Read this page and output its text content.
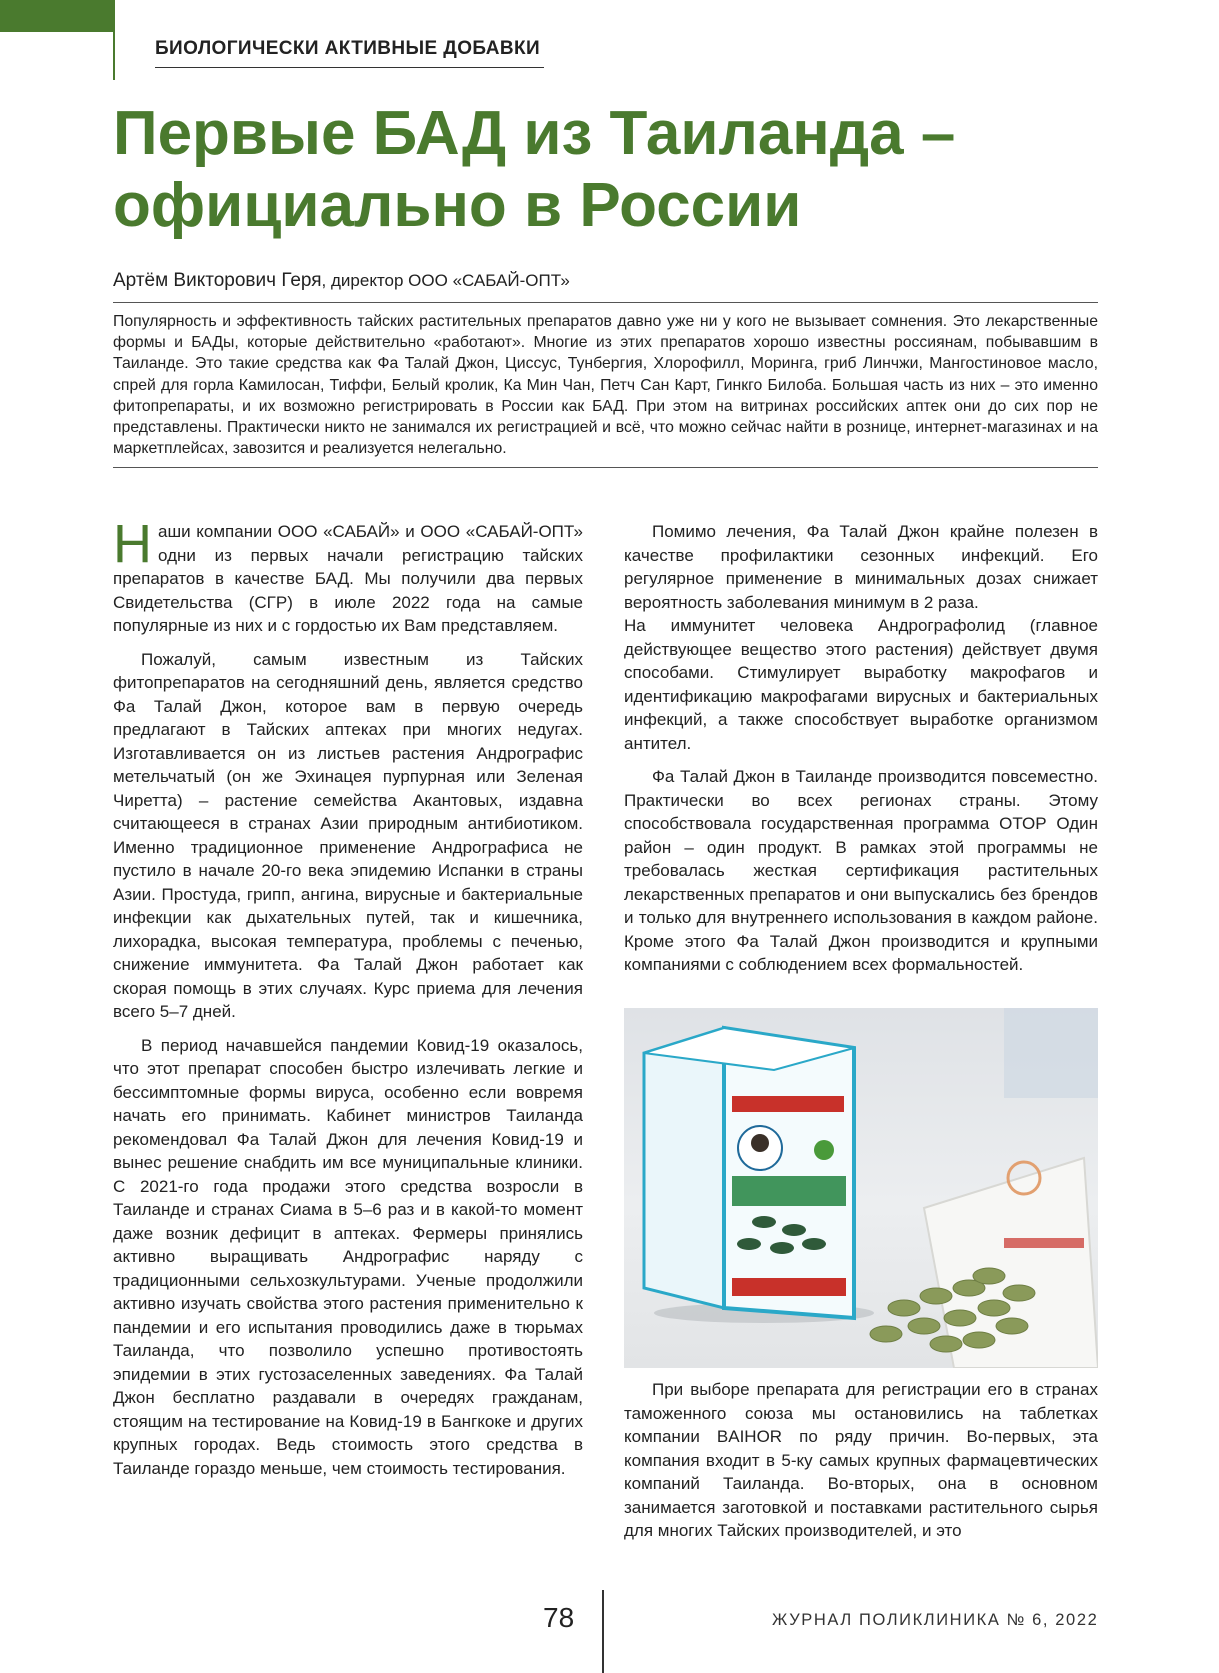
БИОЛОГИЧЕСКИ АКТИВНЫЕ ДОБАВКИ
Первые БАД из Таиланда –
официально в России
Артём Викторович Геря, директор ООО «САБАЙ-ОПТ»
Популярность и эффективность тайских растительных препаратов давно уже ни у кого не вызывает сомнения. Это лекарственные формы и БАДы, которые действительно «работают». Многие из этих препаратов хорошо известны россиянам, побывавшим в Таиланде. Это такие средства как Фа Талай Джон, Циссус, Тунбергия, Хлорофилл, Моринга, гриб Линчжи, Мангостиновое масло, спрей для горла Камилосан, Тиффи, Белый кролик, Ка Мин Чан, Петч Сан Карт, Гинкго Билоба. Большая часть из них – это именно фитопрепараты, и их возможно регистрировать в России как БАД. При этом на витринах российских аптек они до сих пор не представлены. Практически никто не занимался их регистрацией и всё, что можно сейчас найти в рознице, интернет-магазинах и на маркетплейсах, завозится и реализуется нелегально.

Наши компании ООО «САБАЙ» и ООО «САБАЙ-ОПТ» одни из первых начали регистрацию тайских препаратов в качестве БАД. Мы получили два первых Свидетельства (СГР) в июле 2022 года на самые популярные из них и с гордостью их Вам представляем.

Пожалуй, самым известным из Тайских фитопрепаратов на сегодняшний день, является средство Фа Талай Джон, которое вам в первую очередь предлагают в Тайских аптеках при многих недугах. Изготавливается он из листьев растения Андрографис метельчатый (он же Эхинацея пурпурная или Зеленая Чиретта) – растение семейства Акантовых, издавна считающееся в странах Азии природным антибиотиком. Именно традиционное применение Андрографиса не пустило в начале 20-го века эпидемию Испанки в страны Азии. Простуда, грипп, ангина, вирусные и бактериальные инфекции как дыхательных путей, так и кишечника, лихорадка, высокая температура, проблемы с печенью, снижение иммунитета. Фа Талай Джон работает как скорая помощь в этих случаях. Курс приема для лечения всего 5–7 дней.

В период начавшейся пандемии Ковид-19 оказалось, что этот препарат способен быстро излечивать легкие и бессимптомные формы вируса, особенно если вовремя начать его принимать. Кабинет министров Таиланда рекомендовал Фа Талай Джон для лечения Ковид-19 и вынес решение снабдить им все муниципальные клиники. С 2021-го года продажи этого средства возросли в Таиланде и странах Сиама в 5–6 раз и в какой-то момент даже возник дефицит в аптеках. Фермеры принялись активно выращивать Андрографис наряду с традиционными сельхозкультурами. Ученые продолжили активно изучать свойства этого растения применительно к пандемии и его испытания проводились даже в тюрьмах Таиланда, что позволило успешно противостоять эпидемии в этих густозаселенных заведениях. Фа Талай Джон бесплатно раздавали в очередях гражданам, стоящим на тестирование на Ковид-19 в Бангкоке и других крупных городах. Ведь стоимость этого средства в Таиланде гораздо меньше, чем стоимость тестирования.

Помимо лечения, Фа Талай Джон крайне полезен в качестве профилактики сезонных инфекций. Его регулярное применение в минимальных дозах снижает вероятность заболевания минимум в 2 раза.

На иммунитет человека Андрографолид (главное действующее вещество этого растения) действует двумя способами. Стимулирует выработку макрофагов и идентификацию макрофагами вирусных и бактериальных инфекций, а также способствует выработке организмом антител.

Фа Талай Джон в Таиланде производится повсеместно. Практически во всех регионах страны. Этому способствовала государственная программа ОТОР Один район – один продукт. В рамках этой программы не требовалась жесткая сертификация растительных лекарственных препаратов и они выпускались без брендов и только для внутреннего использования в каждом районе. Кроме этого Фа Талай Джон производится и крупными компаниями с соблюдением всех формальностей.

При выборе препарата для регистрации его в странах таможенного союза мы остановились на таблетках компании BAIHOR по ряду причин. Во-первых, эта компания входит в 5-ку самых крупных фармацевтических компаний Таиланда. Во-вторых, она в основном занимается заготовкой и поставками растительного сырья для многих Тайских производителей, и это

78	ЖУРНАЛ ПОЛИКЛИНИКА № 6, 2022
